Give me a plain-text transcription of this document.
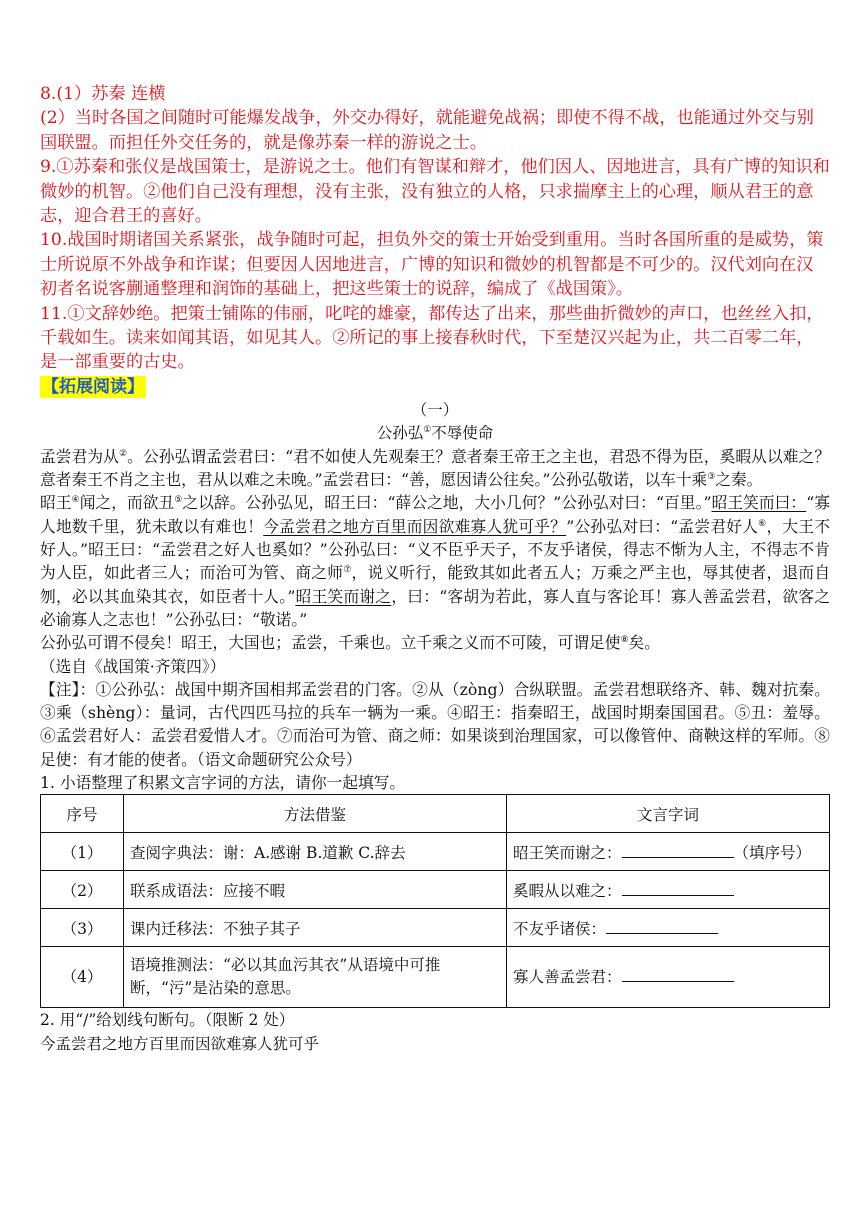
8.(1）苏秦 连横

(2）当时各国之间随时可能爆发战争，外交办得好，就能避免战祸；即使不得不战，也能通过外交与别国联盟。而担任外交任务的，就是像苏秦一样的游说之士。

9.①苏秦和张仪是战国策士，是游说之士。他们有智谋和辩才，他们因人、因地进言，具有广博的知识和微妙的机智。②他们自己没有理想，没有主张，没有独立的人格，只求揣摩主上的心理，顺从君王的意志，迎合君王的喜好。

10.战国时期诸国关系紧张，战争随时可起，担负外交的策士开始受到重用。当时各国所重的是威势，策士所说原不外战争和诈谋；但要因人因地进言，广博的知识和微妙的机智都是不可少的。汉代刘向在汉初者名说客蒯通整理和润饰的基础上，把这些策士的说辞，编成了《战国策》。

11.①文辞妙绝。把策士铺陈的伟丽，叱咤的雄豪，都传达了出来，那些曲折微妙的声口，也丝丝入扣，千载如生。读来如闻其语，如见其人。②所记的事上接春秋时代，下至楚汉兴起为止，共二百零二年，是一部重要的古史。

【拓展阅读】
（一）
公孙弘①不辱使命

孟尝君为从②。公孙弘谓孟尝君曰：“君不如使人先观秦王？意者秦王帝王之主也，君恐不得为臣，奚暇从以难之？意者秦王不肖之主也，君从以难之未晚。”孟尝君曰：“善，愿因请公往矣。”公孙弘敬诺，以车十乘③之秦。

昭王④闻之，而欲丑⑤之以辞。公孙弘见，昭王曰：“薛公之地，大小几何？”公孙弘对曰：“百里。”昭王笑而曰：“寡人地数千里，犹未敢以有难也！今孟尝君之地方百里而因欲难寡人犹可乎？”公孙弘对曰：“孟尝君好人⑥，大王不好人。”昭王曰：“孟尝君之好人也奚如？”公孙弘曰：“义不臣乎天子，不友乎诸侯，得志不惭为人主，不得志不肯为人臣，如此者三人；而治可为管、商之师⑦，说义听行，能致其如此者五人；万乘之严主也，辱其使者，退而自刎，必以其血染其衣，如臣者十人。”昭王笑而谢之，曰：“客胡为若此，寡人直与客论耳！寡人善孟尝君，欲客之必谕寡人之志也！”公孙弘曰：“敬诺。”

公孙弘可谓不侵矣！昭王，大国也；孟尝，千乘也。立千乘之义而不可陵，可谓足使⑧矣。

（选自《战国策·齐策四》）

【注】：①公孙弘：战国中期齐国相邦孟尝君的门客。②从（zòng）合纵联盟。孟尝君想联络齐、韩、魏对抗秦。③乘（shèng）：量词，古代四匹马拉的兵车一辆为一乘。④昭王：指秦昭王，战国时期秦国国君。⑤丑：羞辱。⑥孟尝君好人：孟尝君爱惜人才。⑦而治可为管、商之师：如果谈到治理国家，可以像管仲、商鞅这样的军师。⑧足使：有才能的使者。（语文命题研究公众号）

1. 小语整理了积累文言字词的方法，请你一起填写。

序号	方法借鉴	文言字词
（1）	查阅字典法：谢：A.感谢 B.道歉 C.辞去	昭王笑而谢之： （填序号）
（2）	联系成语法：应接不暇	奚暇从以难之：
（3）	课内迁移法：不独子其子	不友乎诸侯：
（4）	语境推测法：“必以其血污其衣”从语境中可推断，“污”是沾染的意思。	寡人善孟尝君：
2. 用“/”给划线句断句。（限断 2 处）
今孟尝君之地方百里而因欲难寡人犹可乎
